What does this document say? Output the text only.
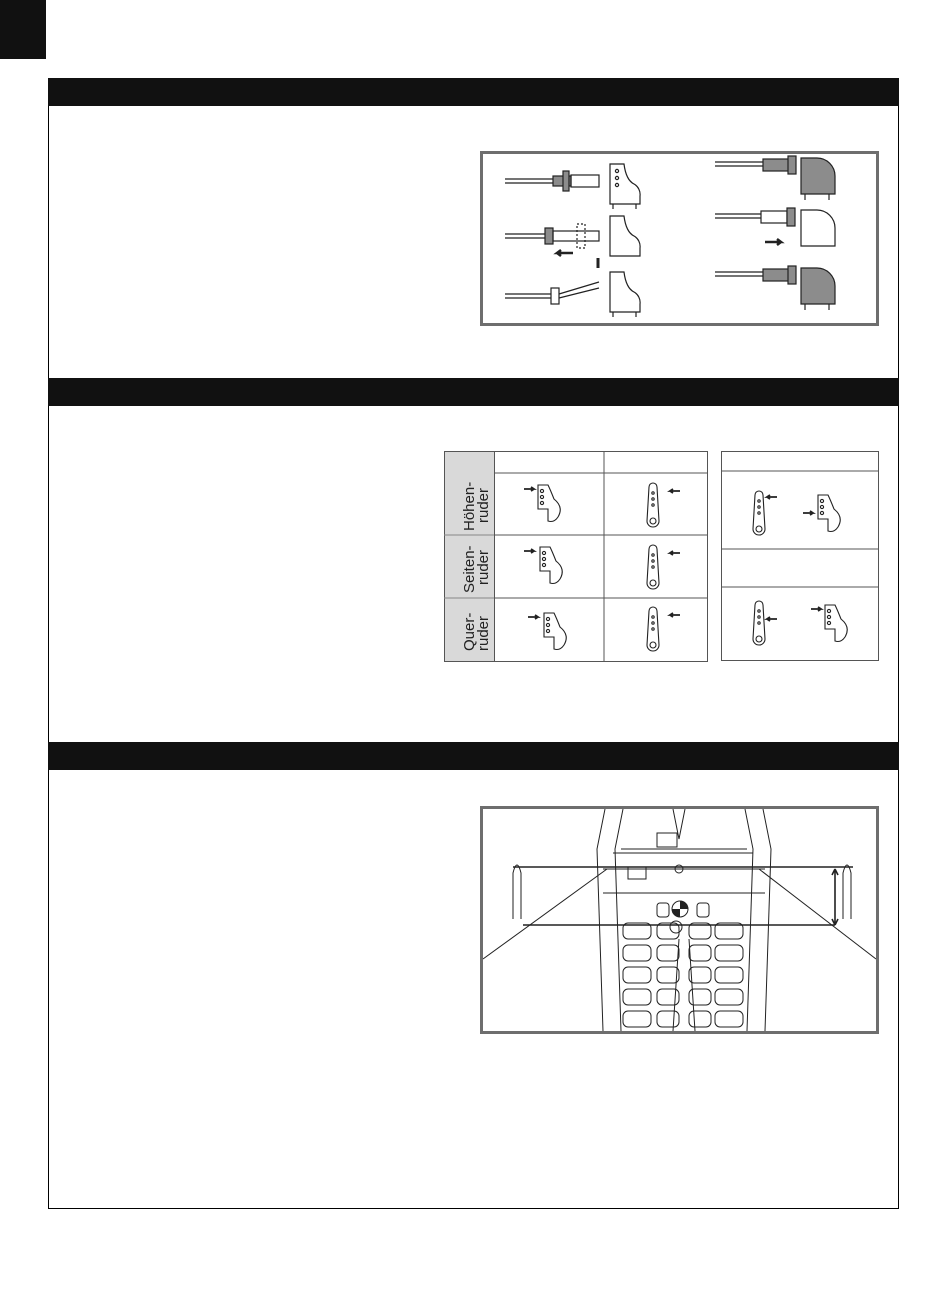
Höhen-
ruder
Seiten-
ruder
Quer-
ruder
